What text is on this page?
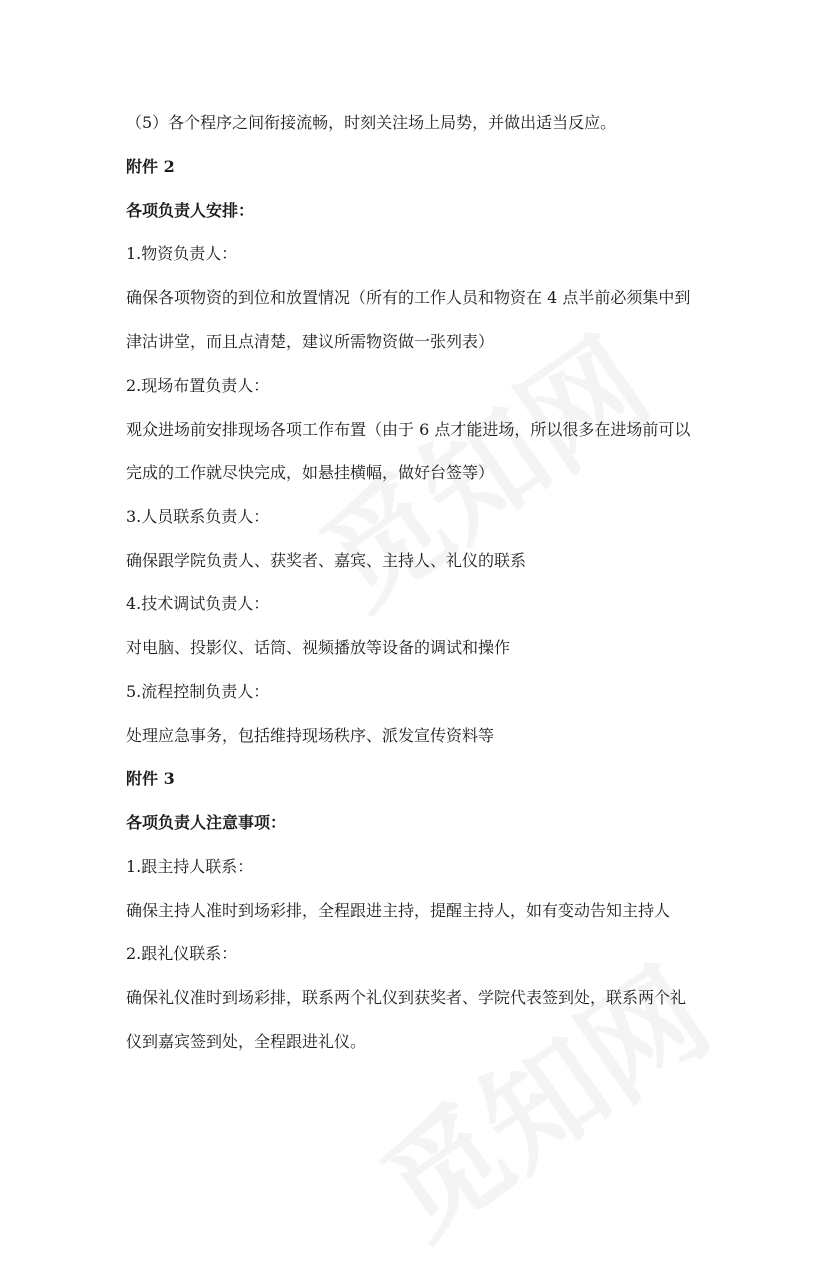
（5）各个程序之间衔接流畅，时刻关注场上局势，并做出适当反应。
附件 2
各项负责人安排：
1.物资负责人：
确保各项物资的到位和放置情况（所有的工作人员和物资在 4 点半前必须集中到
津沽讲堂，而且点清楚，建议所需物资做一张列表）
2.现场布置负责人：
观众进场前安排现场各项工作布置（由于 6 点才能进场，所以很多在进场前可以
完成的工作就尽快完成，如悬挂横幅，做好台签等）
3.人员联系负责人：
确保跟学院负责人、获奖者、嘉宾、主持人、礼仪的联系
4.技术调试负责人：
对电脑、投影仪、话筒、视频播放等设备的调试和操作
5.流程控制负责人：
处理应急事务，包括维持现场秩序、派发宣传资料等
附件 3
各项负责人注意事项：
1.跟主持人联系：
确保主持人准时到场彩排，全程跟进主持，提醒主持人，如有变动告知主持人
2.跟礼仪联系：
确保礼仪准时到场彩排，联系两个礼仪到获奖者、学院代表签到处，联系两个礼
仪到嘉宾签到处，全程跟进礼仪。
